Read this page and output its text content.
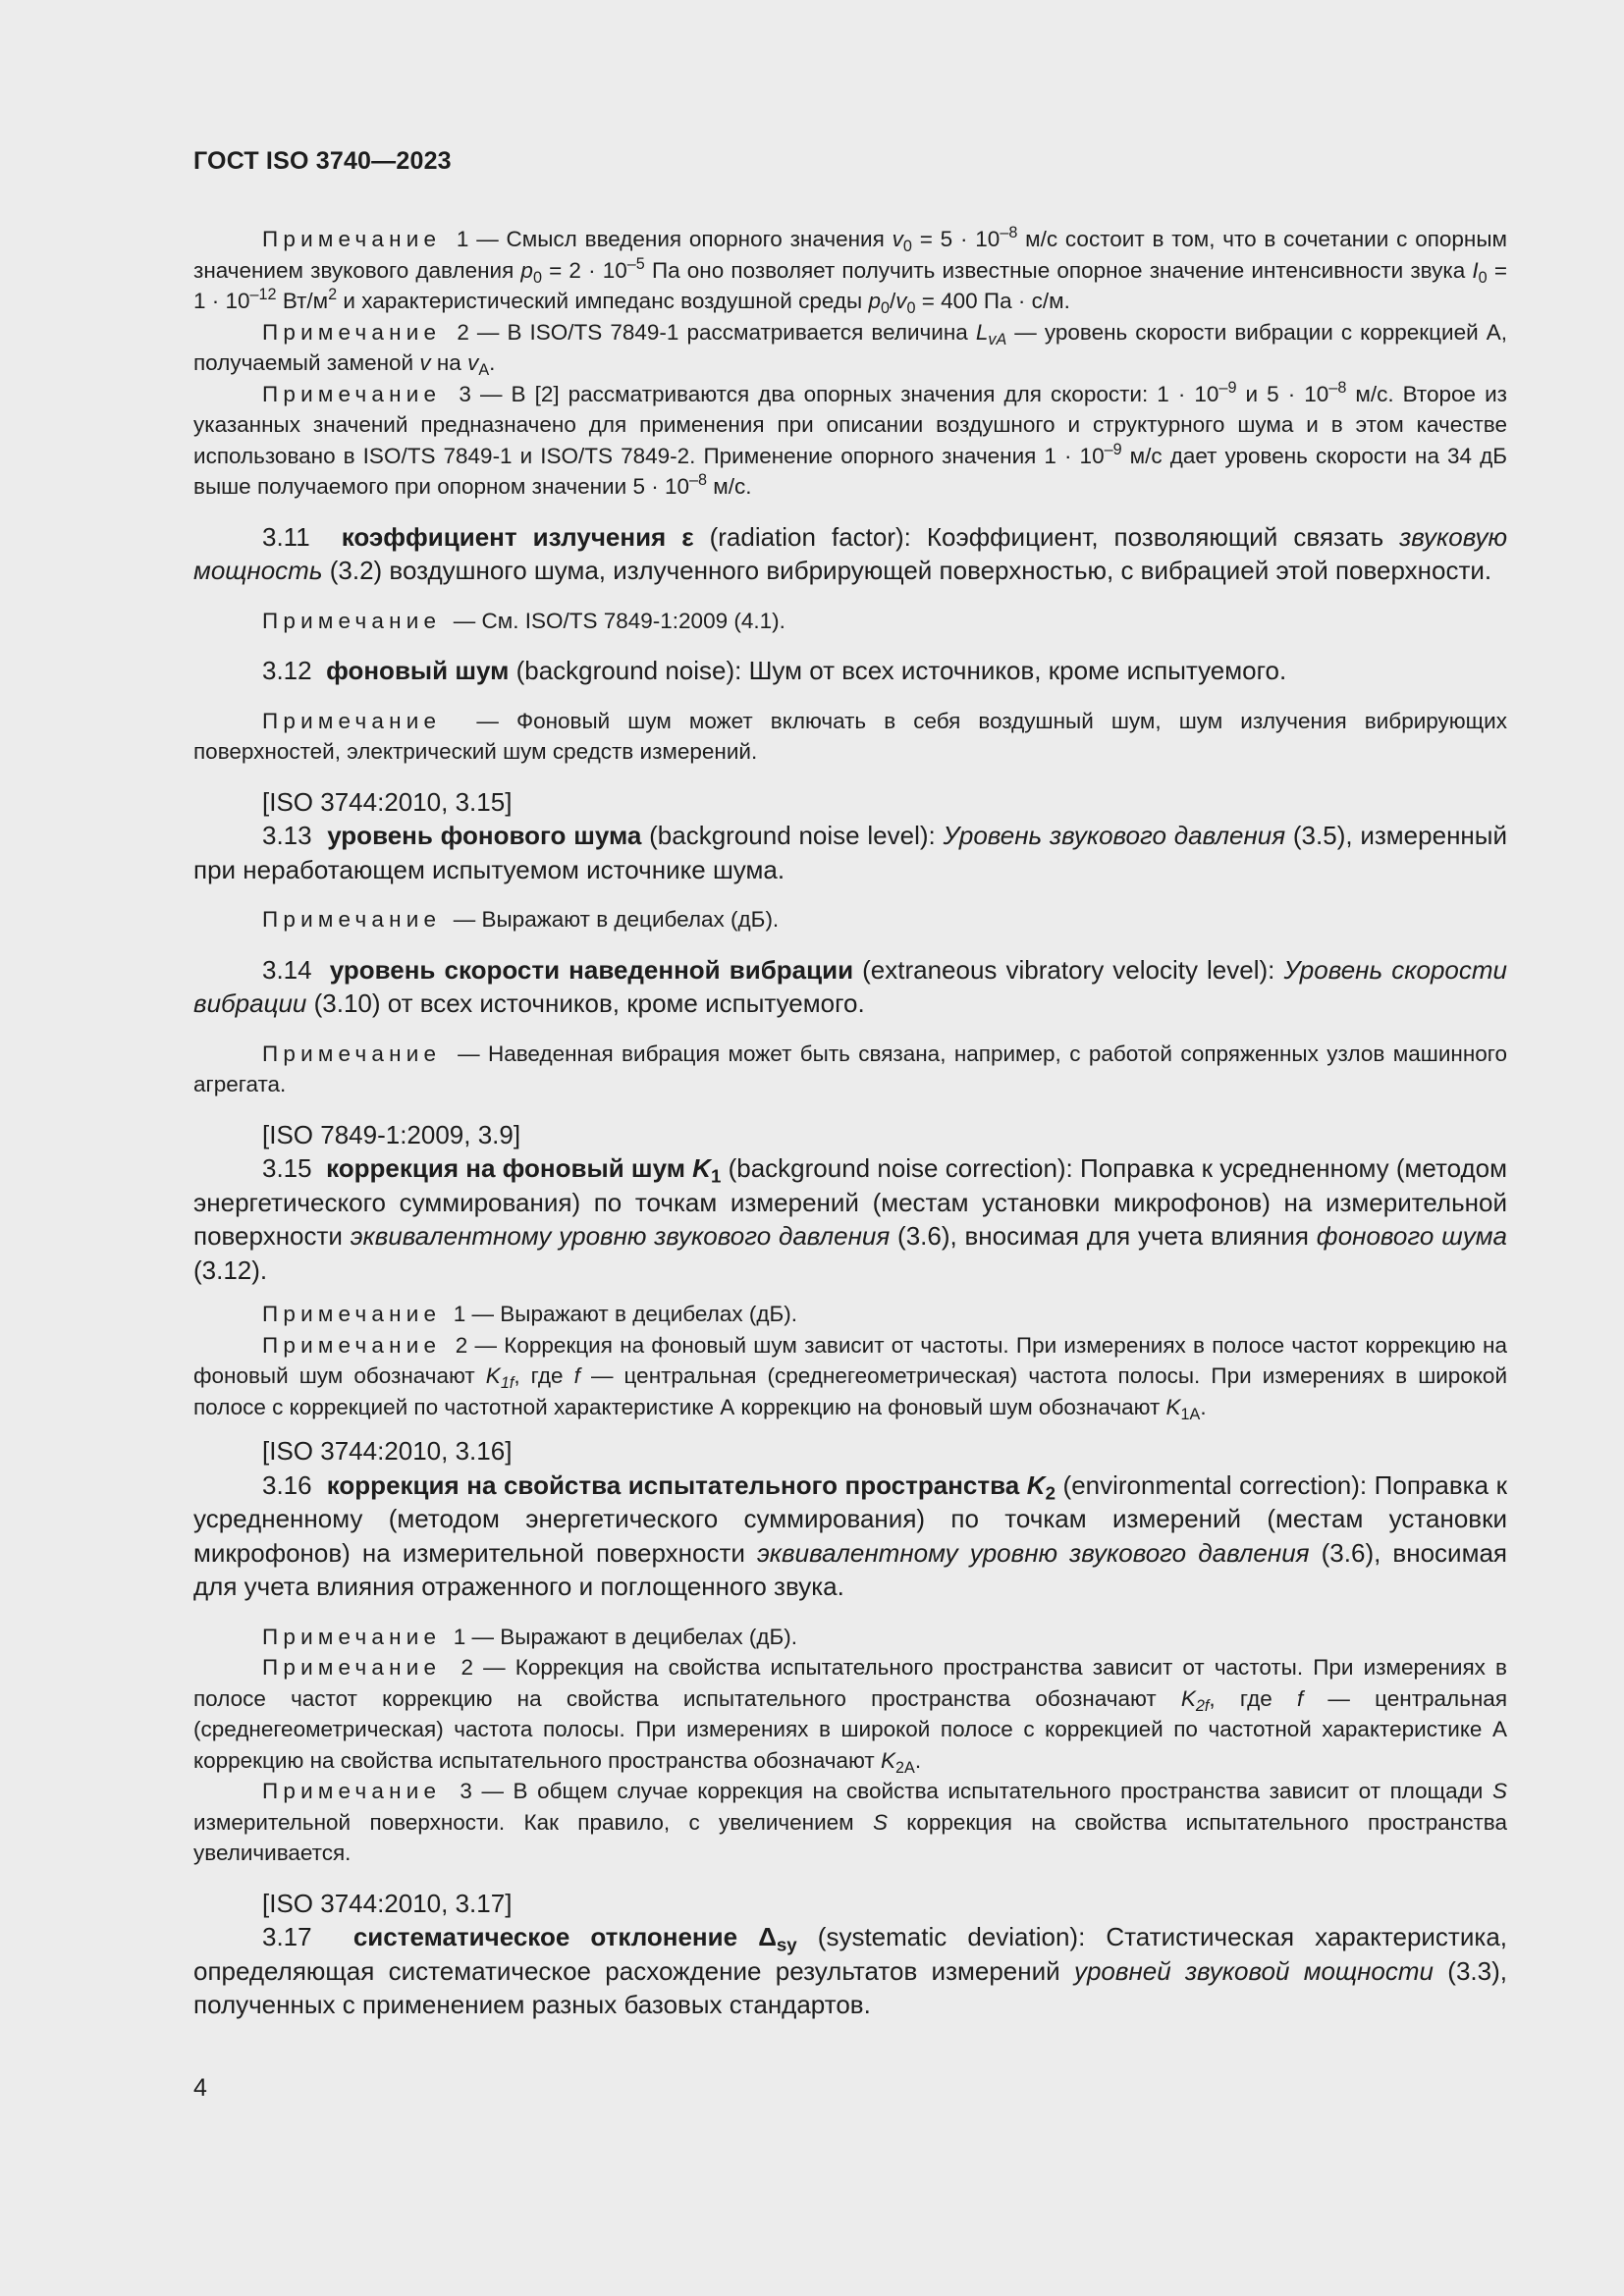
ГОСТ ISO 3740—2023

Примечание 1 — Смысл введения опорного значения $v_0 = 5 \cdot 10^{-8}$ м/с состоит в том, что в сочетании с опорным значением звукового давления $p_0 = 2 \cdot 10^{-5}$ Па оно позволяет получить известные опорное значение интенсивности звука $I_0 = 1 \cdot 10^{-12}$ $Вт/м^2$ и характеристический импеданс воздушной среды $p_0/v_0 = 400$ Па · с/м.

Примечание 2 — В ISO/TS 7849-1 рассматривается величина $L_{vA}$ — уровень скорости вибрации с коррекцией А, получаемый заменой v на $v_A$.

Примечание 3 — В [2] рассматриваются два опорных значения для скорости: $1 \cdot 10^{-9}$ и $5 \cdot 10^{-8}$ м/с. Второе из указанных значений предназначено для применения при описании воздушного и структурного шума и в этом качестве использовано в ISO/TS 7849-1 и ISO/TS 7849-2. Применение опорного значения $1 \cdot 10^{-9}$ м/с дает уровень скорости на 34 дБ выше получаемого при опорном значении $5 \cdot 10^{-8}$ м/с.

3.11 коэффициент излучения ε (radiation factor): Коэффициент, позволяющий связать звуковую мощность (3.2) воздушного шума, излученного вибрирующей поверхностью, с вибрацией этой поверхности.

Примечание — См. ISO/TS 7849-1:2009 (4.1).

3.12 фоновый шум (background noise): Шум от всех источников, кроме испытуемого.

Примечание — Фоновый шум может включать в себя воздушный шум, шум излучения вибрирующих поверхностей, электрический шум средств измерений.

[ISO 3744:2010, 3.15]

3.13 уровень фонового шума (background noise level): Уровень звукового давления (3.5), измеренный при неработающем испытуемом источнике шума.

Примечание — Выражают в децибелах (дБ).

3.14 уровень скорости наведенной вибрации (extraneous vibratory velocity level): Уровень скорости вибрации (3.10) от всех источников, кроме испытуемого.

Примечание — Наведенная вибрация может быть связана, например, с работой сопряженных узлов машинного агрегата.

[ISO 7849-1:2009, 3.9]

3.15 коррекция на фоновый шум $K_1$ (background noise correction): Поправка к усредненному (методом энергетического суммирования) по точкам измерений (местам установки микрофонов) на измерительной поверхности эквивалентному уровню звукового давления (3.6), вносимая для учета влияния фонового шума (3.12).

Примечание 1 — Выражают в децибелах (дБ).

Примечание 2 — Коррекция на фоновый шум зависит от частоты. При измерениях в полосе частот коррекцию на фоновый шум обозначают $K_{1f}$, где f — центральная (среднегеометрическая) частота полосы. При измерениях в широкой полосе с коррекцией по частотной характеристике А коррекцию на фоновый шум обозначают $K_{1A}$.

[ISO 3744:2010, 3.16]

3.16 коррекция на свойства испытательного пространства $K_2$ (environmental correction): Поправка к усредненному (методом энергетического суммирования) по точкам измерений (местам установки микрофонов) на измерительной поверхности эквивалентному уровню звукового давления (3.6), вносимая для учета влияния отраженного и поглощенного звука.

Примечание 1 — Выражают в децибелах (дБ).

Примечание 2 — Коррекция на свойства испытательного пространства зависит от частоты. При измерениях в полосе частот коррекцию на свойства испытательного пространства обозначают $K_{2f}$, где f — центральная (среднегеометрическая) частота полосы. При измерениях в широкой полосе с коррекцией по частотной характеристике А коррекцию на свойства испытательного пространства обозначают $K_{2A}$.

Примечание 3 — В общем случае коррекция на свойства испытательного пространства зависит от площади S измерительной поверхности. Как правило, с увеличением S коррекция на свойства испытательного пространства увеличивается.

[ISO 3744:2010, 3.17]

3.17 систематическое отклонение $\Delta_{sy}$ (systematic deviation): Статистическая характеристика, определяющая систематическое расхождение результатов измерений уровней звуковой мощности (3.3), полученных с применением разных базовых стандартов.

4
